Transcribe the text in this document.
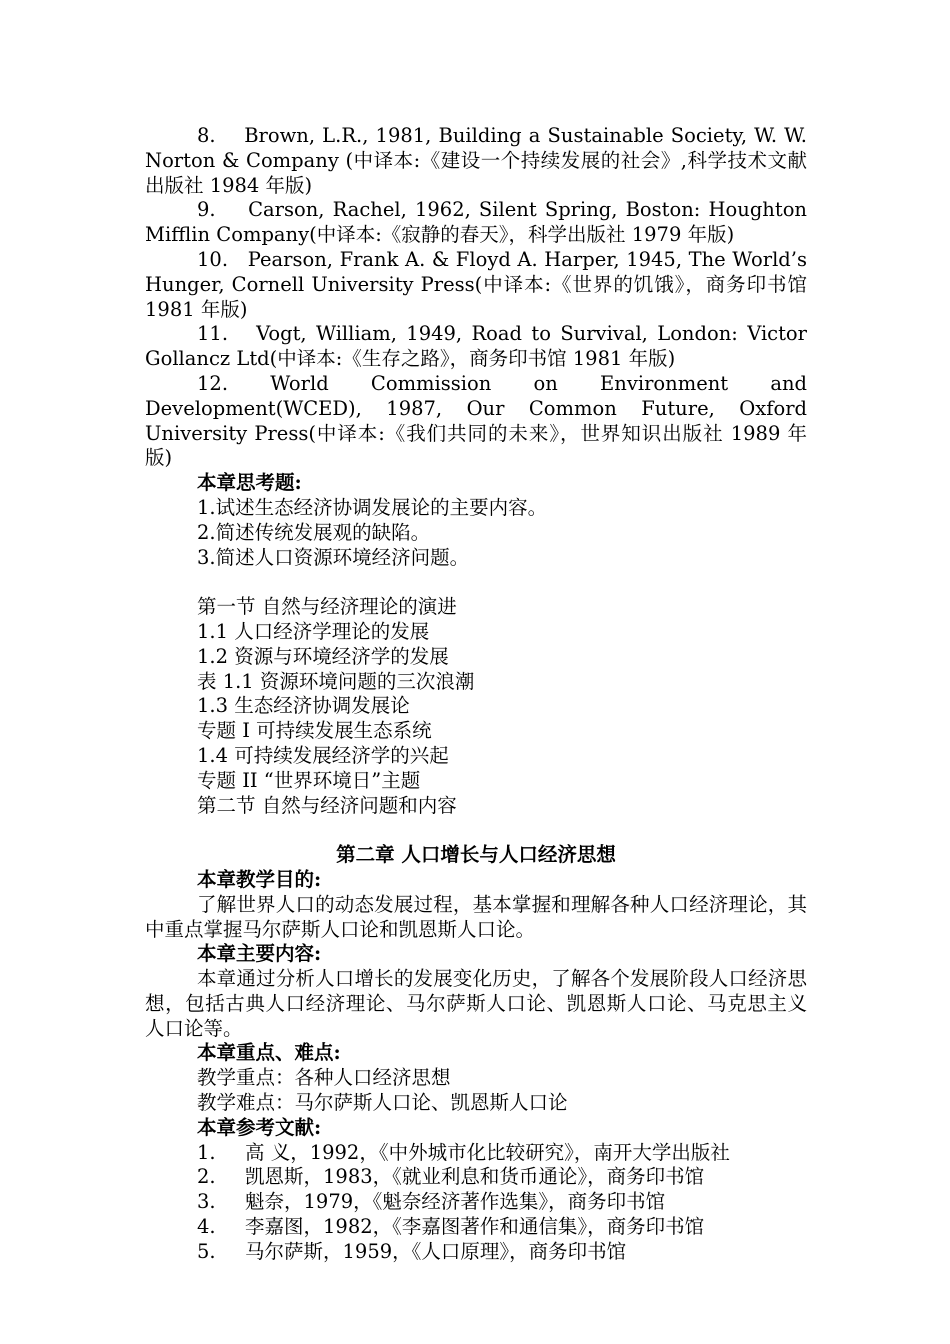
8.    Brown, L.R., 1981, Building a Sustainable Society, W. W. Norton & Company (中译本:《建设一个持续发展的社会》,科学技术文献出版社 1984 年版)

9.    Carson, Rachel, 1962, Silent Spring, Boston: Houghton Mifflin Company(中译本:《寂静的春天》，科学出版社 1979 年版)

10.   Pearson, Frank A. & Floyd A. Harper, 1945, The World’s Hunger, Cornell University Press(中译本:《世界的饥饿》，商务印书馆 1981 年版)

11.   Vogt, William, 1949, Road to Survival, London: Victor Gollancz Ltd(中译本:《生存之路》，商务印书馆 1981 年版)

12. World Commission on Environment and Development(WCED), 1987, Our Common Future, Oxford University Press(中译本:《我们共同的未来》，世界知识出版社 1989 年版)

本章思考题:

1.试述生态经济协调发展论的主要内容。

2.简述传统发展观的缺陷。

3.简述人口资源环境经济问题。

第一节 自然与经济理论的演进

1.1 人口经济学理论的发展

1.2 资源与环境经济学的发展

表 1.1 资源环境问题的三次浪潮

1.3 生态经济协调发展论

专题 I 可持续发展生态系统

1.4 可持续发展经济学的兴起

专题 II “世界环境日”主题

第二节 自然与经济问题和内容

第二章 人口增长与人口经济思想

本章教学目的:

了解世界人口的动态发展过程，基本掌握和理解各种人口经济理论，其中重点掌握马尔萨斯人口论和凯恩斯人口论。

本章主要内容:

本章通过分析人口增长的发展变化历史，了解各个发展阶段人口经济思想，包括古典人口经济理论、马尔萨斯人口论、凯恩斯人口论、马克思主义人口论等。

本章重点、难点:

教学重点：各种人口经济思想

教学难点：马尔萨斯人口论、凯恩斯人口论

本章参考文献:

1. 高 义，1992，《中外城市化比较研究》，南开大学出版社

2. 凯恩斯，1983，《就业利息和货币通论》，商务印书馆

3. 魁奈，1979，《魁奈经济著作选集》，商务印书馆

4. 李嘉图，1982，《李嘉图著作和通信集》，商务印书馆

5. 马尔萨斯，1959，《人口原理》，商务印书馆
